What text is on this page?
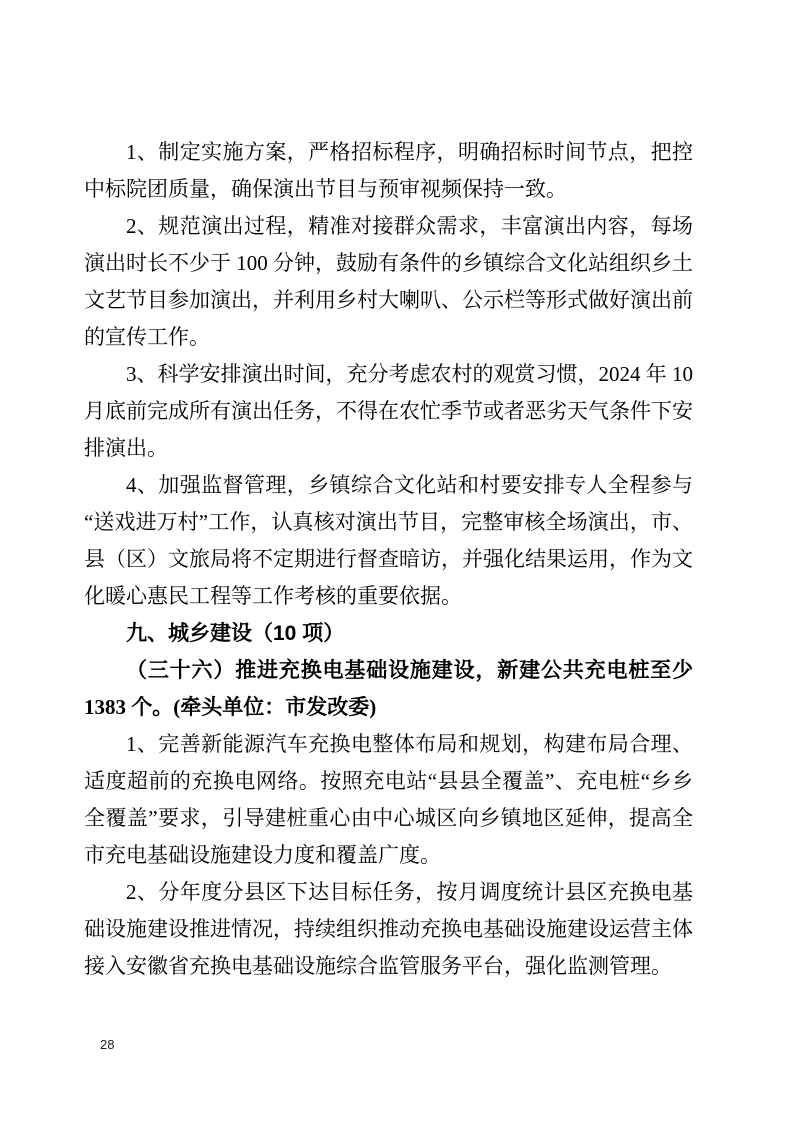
1、制定实施方案，严格招标程序，明确招标时间节点，把控中标院团质量，确保演出节目与预审视频保持一致。

2、规范演出过程，精准对接群众需求，丰富演出内容，每场演出时长不少于 100 分钟，鼓励有条件的乡镇综合文化站组织乡土文艺节目参加演出，并利用乡村大喇叭、公示栏等形式做好演出前的宣传工作。

3、科学安排演出时间，充分考虑农村的观赏习惯，2024 年 10 月底前完成所有演出任务，不得在农忙季节或者恶劣天气条件下安排演出。

4、加强监督管理，乡镇综合文化站和村要安排专人全程参与“送戏进万村”工作，认真核对演出节目，完整审核全场演出，市、县（区）文旅局将不定期进行督查暗访，并强化结果运用，作为文化暖心惠民工程等工作考核的重要依据。

九、城乡建设（10 项）

（三十六）推进充换电基础设施建设，新建公共充电桩至少 1383 个。(牵头单位：市发改委)

1、完善新能源汽车充换电整体布局和规划，构建布局合理、适度超前的充换电网络。按照充电站“县县全覆盖”、充电桩“乡乡全覆盖”要求，引导建桩重心由中心城区向乡镇地区延伸，提高全市充电基础设施建设力度和覆盖广度。

2、分年度分县区下达目标任务，按月调度统计县区充换电基础设施建设推进情况，持续组织推动充换电基础设施建设运营主体接入安徽省充换电基础设施综合监管服务平台，强化监测管理。

28
